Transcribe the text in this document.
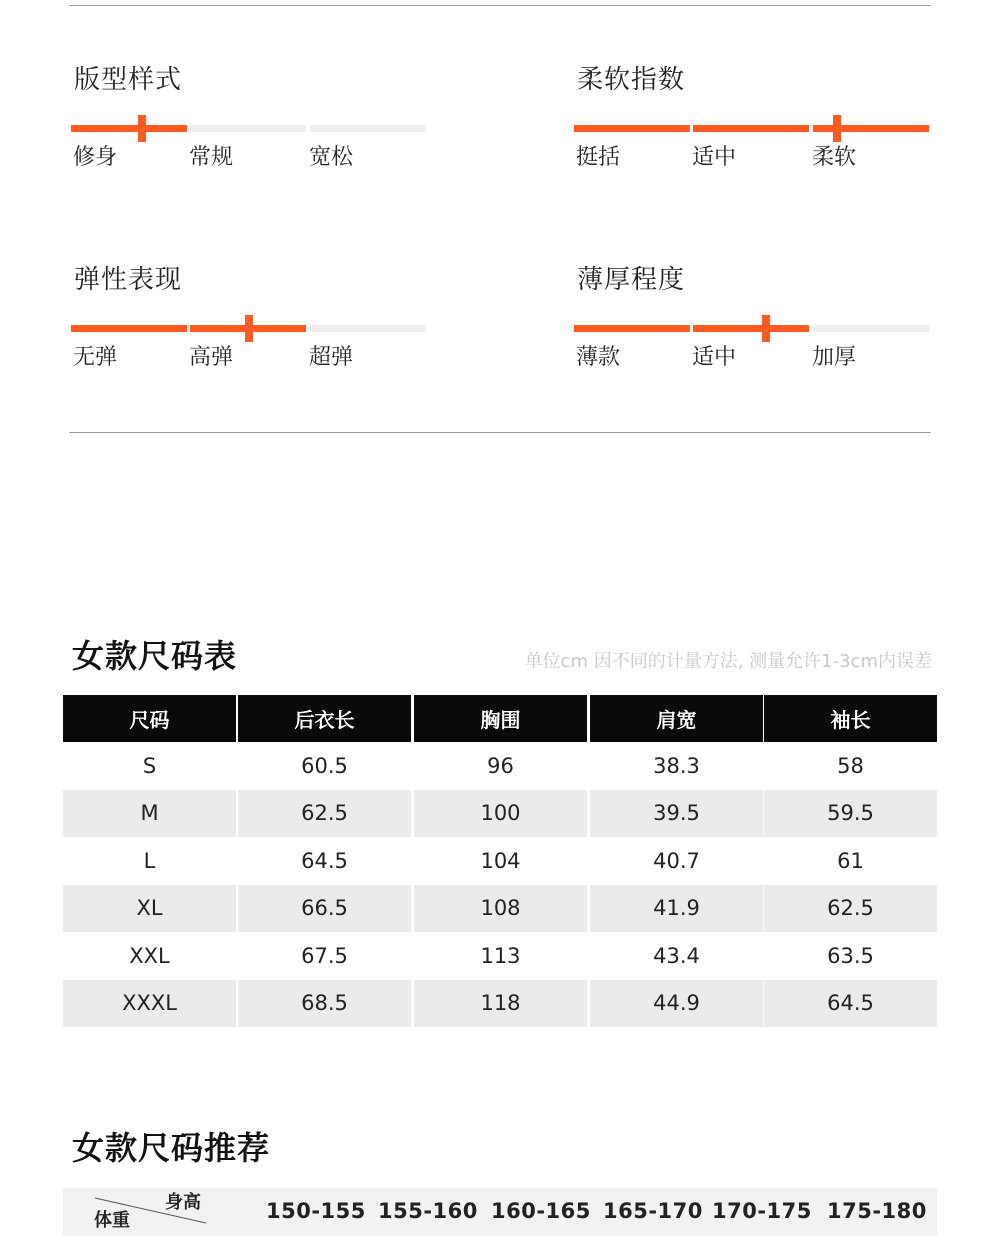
版型样式
修身	常规	宽松
柔软指数
挺括	适中	柔软
弹性表现
无弹	高弹	超弹
薄厚程度
薄款	适中	加厚
女款尺码表	单位cm 因不同的计量方法, 测量允许1-3cm内误差
尺码	后衣长	胸围	肩宽	袖长
S	60.5	96	38.3	58
M	62.5	100	39.5	59.5
L	64.5	104	40.7	61
XL	66.5	108	41.9	62.5
XXL	67.5	113	43.4	63.5
XXXL	68.5	118	44.9	64.5
女款尺码推荐
身高
体重	150-155 155-160 160-165 165-170 170-175 175-180
